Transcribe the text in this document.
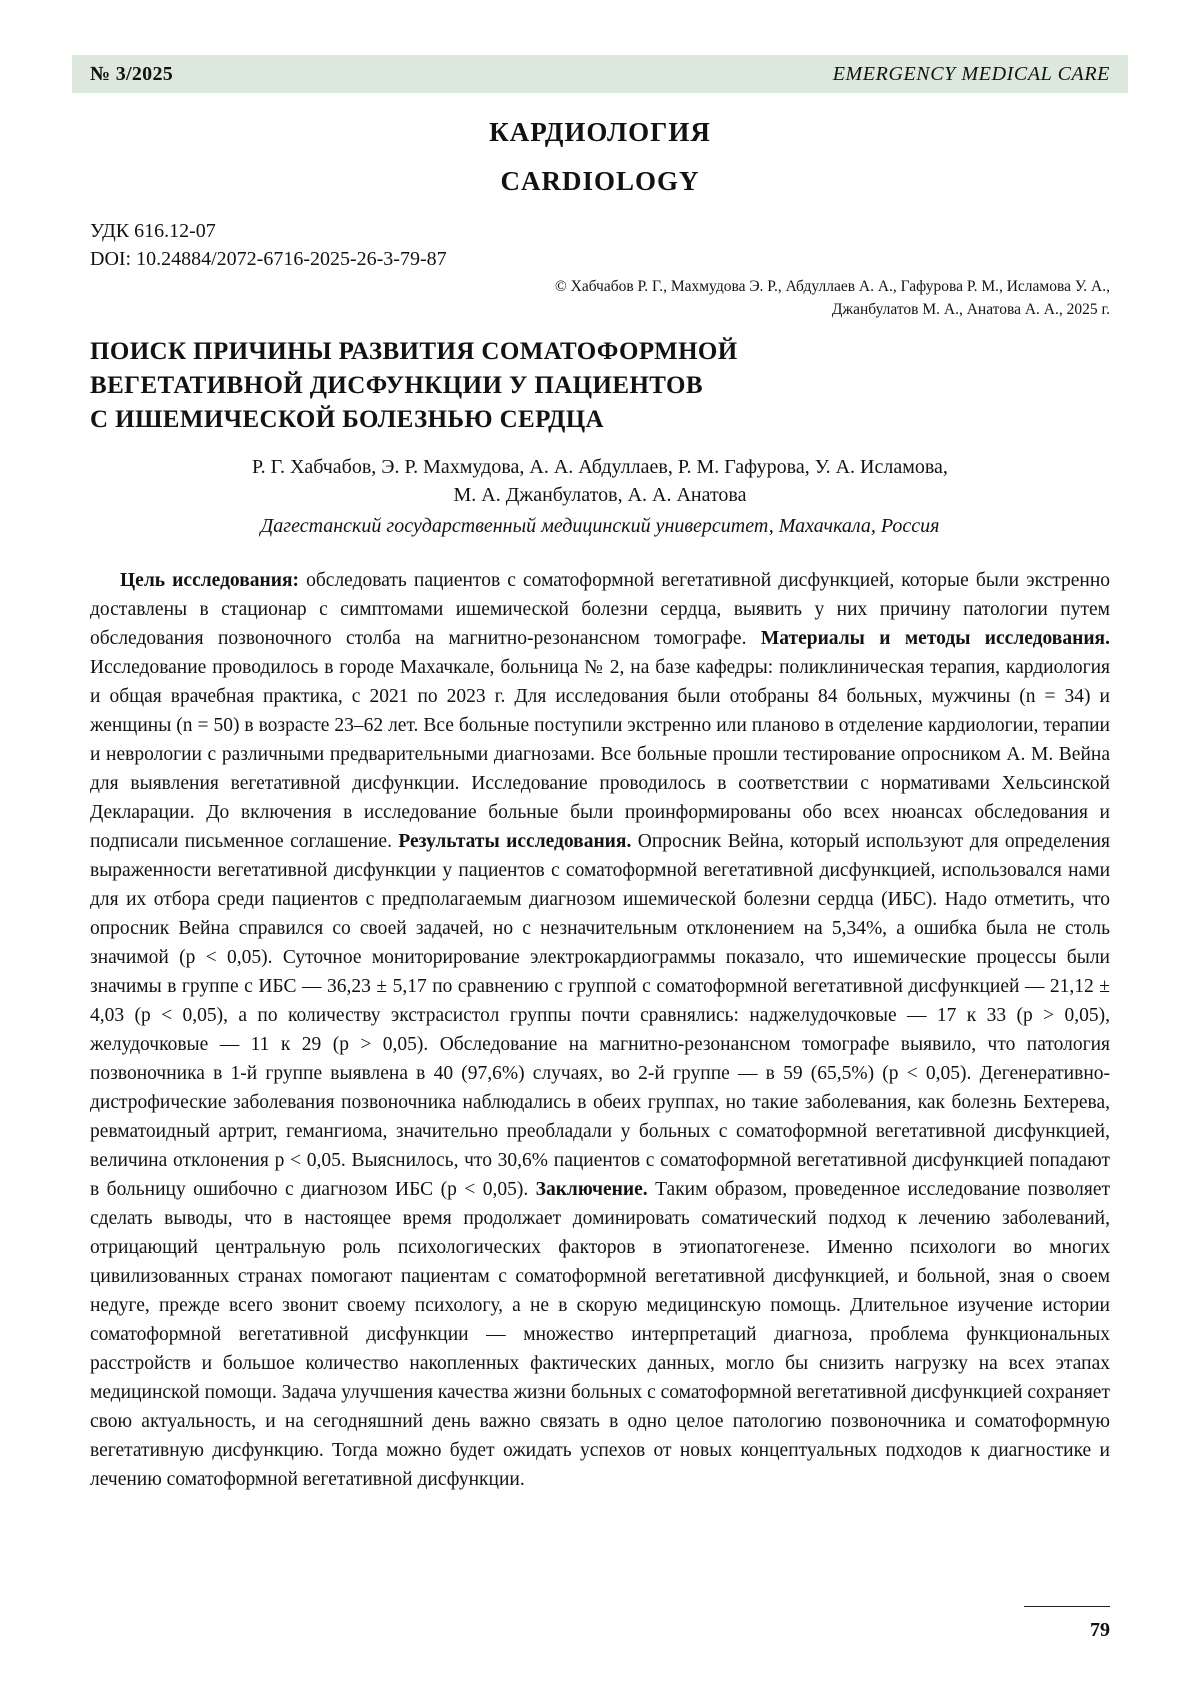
№ 3/2025	EMERGENCY MEDICAL CARE
КАРДИОЛОГИЯ
CARDIOLOGY
УДК 616.12-07
DOI: 10.24884/2072-6716-2025-26-3-79-87
© Хабчабов Р. Г., Махмудова Э. Р., Абдуллаев А. А., Гафурова Р. М., Исламова У. А.,
Джанбулатов М. А., Анатова А. А., 2025 г.
ПОИСК ПРИЧИНЫ РАЗВИТИЯ СОМАТОФОРМНОЙ
ВЕГЕТАТИВНОЙ ДИСФУНКЦИИ У ПАЦИЕНТОВ
С ИШЕМИЧЕСКОЙ БОЛЕЗНЬЮ СЕРДЦА
Р. Г. Хабчабов, Э. Р. Махмудова, А. А. Абдуллаев, Р. М. Гафурова, У. А. Исламова,
М. А. Джанбулатов, А. А. Анатова
Дагестанский государственный медицинский университет, Махачкала, Россия

Цель исследования: обследовать пациентов с соматоформной вегетативной дисфункцией, которые были экстренно доставлены в стационар с симптомами ишемической болезни сердца, выявить у них причину патологии путем обследования позвоночного столба на магнитно-резонансном томографе. Материалы и методы исследования. Исследование проводилось в городе Махачкале, больница № 2, на базе кафедры: поликлиническая терапия, кардиология и общая врачебная практика, с 2021 по 2023 г. Для исследования были отобраны 84 больных, мужчины (n = 34) и женщины (n = 50) в возрасте 23–62 лет. Все больные поступили экстренно или планово в отделение кардиологии, терапии и неврологии с различными предварительными диагнозами. Все больные прошли тестирование опросником А. М. Вейна для выявления вегетативной дисфункции. Исследование проводилось в соответствии с нормативами Хельсинской Декларации. До включения в исследование больные были проинформированы обо всех нюансах обследования и подписали письменное соглашение. Результаты исследования. Опросник Вейна, который используют для определения выраженности вегетативной дисфункции у пациентов с соматоформной вегетативной дисфункцией, использовался нами для их отбора среди пациентов с предполагаемым диагнозом ишемической болезни сердца (ИБС). Надо отметить, что опросник Вейна справился со своей задачей, но с незначительным отклонением на 5,34%, а ошибка была не столь значимой (p < 0,05). Суточное мониторирование электрокардиограммы показало, что ишемические процессы были значимы в группе с ИБС — 36,23 ± 5,17 по сравнению с группой с соматоформной вегетативной дисфункцией — 21,12 ± 4,03 (p < 0,05), а по количеству экстрасистол группы почти сравнялись: наджелудочковые — 17 к 33 (p > 0,05), желудочковые — 11 к 29 (p > 0,05). Обследование на магнитно-резонансном томографе выявило, что патология позвоночника в 1-й группе выявлена в 40 (97,6%) случаях, во 2-й группе — в 59 (65,5%) (p < 0,05). Дегенеративно-дистрофические заболевания позвоночника наблюдались в обеих группах, но такие заболевания, как болезнь Бехтерева, ревматоидный артрит, гемангиома, значительно преобладали у больных с соматоформной вегетативной дисфункцией, величина отклонения p < 0,05. Выяснилось, что 30,6% пациентов с соматоформной вегетативной дисфункцией попадают в больницу ошибочно с диагнозом ИБС (p < 0,05). Заключение. Таким образом, проведенное исследование позволяет сделать выводы, что в настоящее время продолжает доминировать соматический подход к лечению заболеваний, отрицающий центральную роль психологических факторов в этиопатогенезе. Именно психологи во многих цивилизованных странах помогают пациентам с соматоформной вегетативной дисфункцией, и больной, зная о своем недуге, прежде всего звонит своему психологу, а не в скорую медицинскую помощь. Длительное изучение истории соматоформной вегетативной дисфункции — множество интерпретаций диагноза, проблема функциональных расстройств и большое количество накопленных фактических данных, могло бы снизить нагрузку на всех этапах медицинской помощи. Задача улучшения качества жизни больных с соматоформной вегетативной дисфункцией сохраняет свою актуальность, и на сегодняшний день важно связать в одно целое патологию позвоночника и соматоформную вегетативную дисфункцию. Тогда можно будет ожидать успехов от новых концептуальных подходов к диагностике и лечению соматоформной вегетативной дисфункции.

79
